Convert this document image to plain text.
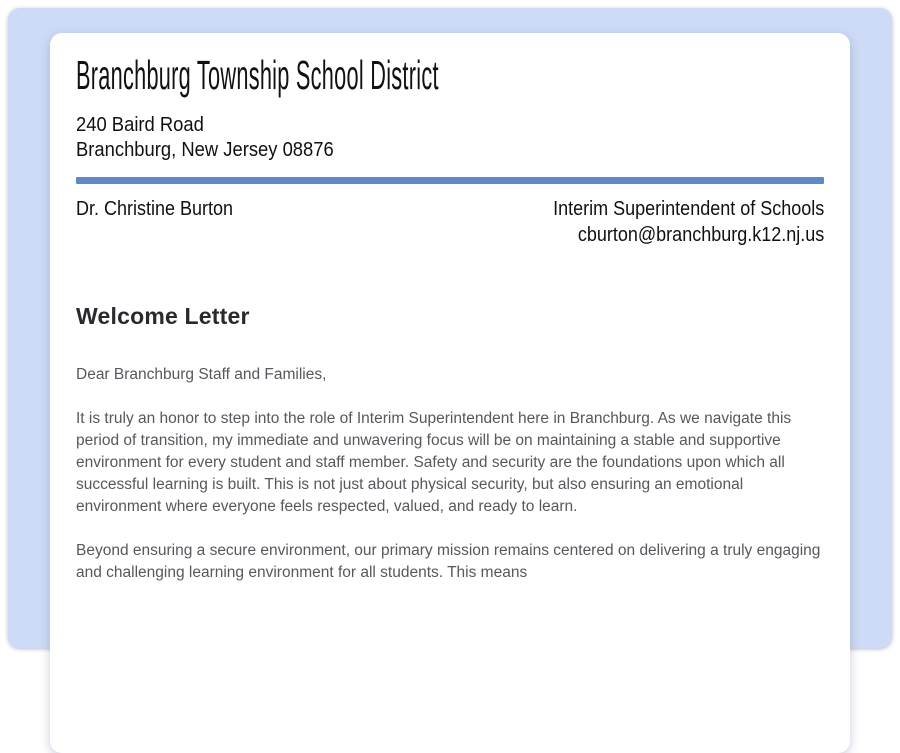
Branchburg Township School District
240 Baird Road
Branchburg, New Jersey 08876
Dr. Christine Burton	Interim Superintendent of Schools
cburton@branchburg.k12.nj.us
Welcome Letter

Dear Branchburg Staff and Families,

It is truly an honor to step into the role of Interim Superintendent here in Branchburg. As we navigate this period of transition, my immediate and unwavering focus will be on maintaining a stable and supportive environment for every student and staff member. Safety and security are the foundations upon which all successful learning is built. This is not just about physical security, but also ensuring an emotional environment where everyone feels respected, valued, and ready to learn.

Beyond ensuring a secure environment, our primary mission remains centered on delivering a truly engaging and challenging learning environment for all students. This means
